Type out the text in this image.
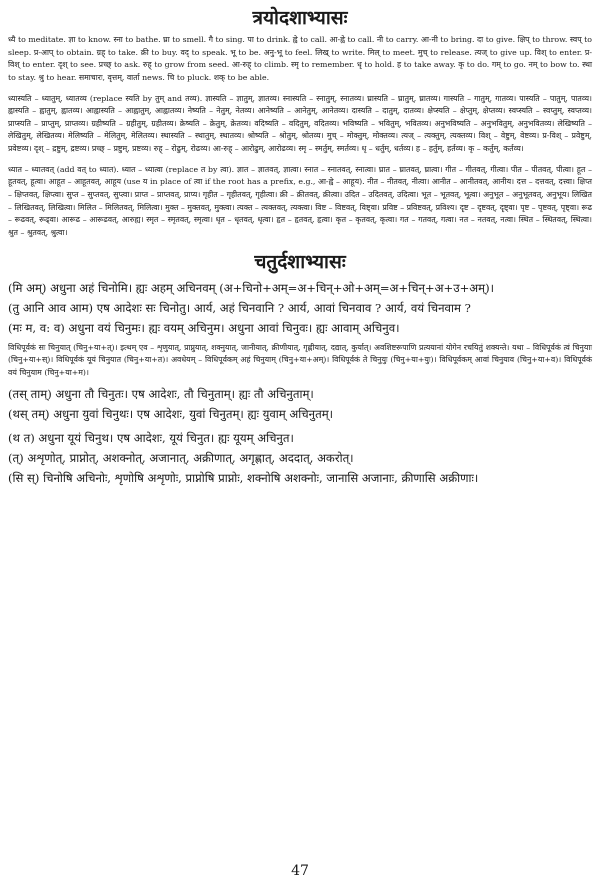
त्रयोदशाभ्यासः

ध्यै to meditate. ज्ञा to know. स्ना to bathe. घ्रा to smell. गै to sing. पा to drink. ह्वे to call. आ-ह्वे to call. नी to carry. आ-नी to bring. दा to give. क्षिप् to throw. स्वप् to sleep. प्र-आप् to obtain. ग्रह् to take. क्री to buy. वद् to speak. भू to be. अनु-भू to feel. लिख् to write. मिल् to meet. मुच् to release. त्यज् to give up. विश् to enter. प्र-विश् to enter. दृश् to see. प्रच्छ् to ask. रुह् to grow from seed. आ-रुह् to climb. स्मृ to remember. धृ to hold. ह to take away. कृ to do. गम् to go. नम् to bow to. स्था to stay. श्रु to hear. समाचारः, वृत्तम्, वार्ता news. चि to pluck. शक् to be able.

ध्यास्यति – ध्यातुम्, ध्यातव्य (replace स्यति by तुम् and तव्य). ज्ञास्यति – ज्ञातुम्, ज्ञातव्य। स्नास्यति – स्नातुम्, स्नातव्य। घ्रास्यति – घ्रातुम्, घ्रातव्य। गास्यति – गातुम्, गातव्य। पास्यति – पातुम्, पातव्य। ह्वास्यति – ह्वातुम्, ह्वातव्य। आह्वास्यति – आह्वातुम्, आह्वातव्य। नेष्यति – नेतुम्, नेतव्य। आनेष्यति – आनेतुम्, आनेतव्य। दास्यति – दातुम्, दातव्य। क्षेप्स्यति – क्षेप्तुम्, क्षेप्तव्य। स्वप्स्यति – स्वप्तुम्, स्वप्तव्य। प्राप्स्यति – प्राप्तुम्, प्राप्तव्य। ग्रहीष्यति – ग्रहीतुम्, ग्रहीतव्य। क्रेष्यति – क्रेतुम्, क्रेतव्य। वदिष्यति – वदितुम्, वदितव्य। भविष्यति – भवितुम्, भवितव्य। अनुभविष्यति – अनुभवितुम्, अनुभवितव्य। लेखिष्यति – लेखितुम्, लेखितव्य। मेलिष्यति – मेलितुम्, मेलितव्य। स्थास्यति – स्थातुम्, स्थातव्य। श्रोष्यति – श्रोतुम्, श्रोतव्य। मुच् – मोक्तुम्, मोक्तव्य। त्यज् – त्यक्तुम्, त्यक्तव्य। विश् – वेष्टुम्, वेष्टव्य। प्र-विश् – प्रवेष्टुम्, प्रवेष्टव्य। दृश् – द्रष्टुम्, द्रष्टव्य। प्रच्छ् – प्रष्टुम्, प्रष्टव्य। रुह् – रोढुम्, रोढव्य। आ-रुह् – आरोढुम्, आरोढव्य। स्मृ – स्मर्तुम्, स्मर्तव्य। धृ – धर्तुम्, धर्तव्य। ह – हर्तुम्, हर्तव्य। कृ – कर्तुम्, कर्तव्य।

ध्यात – ध्यातवत् (add वत् to ध्यात). ध्यात – ध्यात्वा (replace त by त्वा). ज्ञात – ज्ञातवत्, ज्ञात्वा। स्नात – स्नातवत्, स्नात्वा। घ्रात – घ्रातवत्, घ्रात्वा। गीत – गीतवत्, गीत्वा। पीत – पीतवत्, पीत्वा। हूत – हूतवत्, हूत्वा। आहूत – आहूतवत्, आहूय (use य in place of त्वा if the root has a prefix, e.g., आ-ह्वे – आहूय). नीत – नीतवत्, नीत्वा। आनीत – आनीतवत्, आनीय। दत्त – दत्तवत्, दत्त्वा। क्षिप्त – क्षिप्तवत्, क्षिप्त्वा। सुप्त – सुप्तवत्, सुप्त्वा। प्राप्त – प्राप्तवत्, प्राप्य। गृहीत – गृहीतवत्, गृहीत्वा। क्री – क्रीतवत्, क्रीत्वा। उदित – उदितवत्, उदित्वा। भूत – भूतवत्, भूत्वा। अनुभूत – अनुभूतवत्, अनुभूय। लिखित – लिखितवत्, लिखित्वा। मिलित – मिलितवत्, मिलित्वा। मुक्त – मुक्तवत्, मुक्त्वा। त्यक्त – त्यक्तवत्, त्यक्त्वा। विष्ट – विष्टवत्, विष्ट्वा। प्रविष्ट – प्रविष्टवत्, प्रविश्य। दृष्ट – दृष्टवत्, दृष्ट्वा। पृष्ट – पृष्टवत्, पृष्ट्वा। रूढ – रूढवत्, रूढ्वा। आरूढ – आरूढवत्, आरुह्य। स्मृत – स्मृतवत्, स्मृत्वा। धृत – धृतवत्, धृत्वा। हृत – हृतवत्, हृत्वा। कृत – कृतवत्, कृत्वा। गत – गतवत्, गत्वा। नत – नतवत्, नत्वा। स्थित – स्थितवत्, स्थित्वा। श्रुत – श्रुतवत्, श्रुत्वा।

चतुर्दशाभ्यासः

(मि अम्) अधुना अहं चिनोमि। ह्यः अहम् अचिनवम् (अ+चिनो+अम्=अ+चिन्+ओ+अम्=अ+चिन्+अ+उ+अम्)।

(तु आनि आव आम) एष आदेशः सः चिनोतु। आर्य, अहं चिनवानि ? आर्य, आवां चिनवाव ? आर्य, वयं चिनवाम ?

(मः म, व: व) अधुना वयं चिनुमः। ह्यः वयम् अचिनुम। अधुना आवां चिनुवः। ह्यः आवाम् अचिनुव।

विधिपूर्वकं सः चिनुयात् (चिनु+या+त्)। इत्थम् एव – शृणुयात्, प्राप्नुयात्, शक्नुयात्, जानीयात्, क्रीणीयात्, गृह्णीयात्, दद्यात्, कुर्यात्। अवशिष्टरूपाणि प्रत्ययानां योगेन रचयितुं शक्यन्ते। यथा – विधिपूर्वकं त्वं चिनुयाः (चिनु+या+स्)। विधिपूर्वकं यूयं चिनुयात (चिनु+या+त)। अवधेयम् – विधिपूर्वकम् अहं चिनुयाम् (चिनु+या+अम्)। विधिपूर्वकं ते चिनुयुः (चिनु+या+युः)। विधिपूर्वकम् आवां चिनुयाव (चिनु+या+व)। विधिपूर्वकं वयं चिनुयाम (चिनु+या+म)।

(तस् ताम्) अधुना तौ चिनुतः। एष आदेशः, तौ चिनुताम्। ह्यः तौ अचिनुताम्।

(थस् तम्) अधुना युवां चिनुथः। एष आदेशः, युवां चिनुतम्। ह्यः युवाम् अचिनुतम्।

(थ त) अधुना यूयं चिनुथ। एष आदेशः, यूयं चिनुत। ह्यः यूयम् अचिनुत।

(त्) अशृणोत्, प्राप्नोत्, अशक्नोत्, अजानात्, अक्रीणात्, अगृह्णात्, अददात्, अकरोत्।

(सि स्) चिनोषि अचिनोः, शृणोषि अशृणोः, प्राप्नोषि प्राप्नोः, शक्नोषि अशक्नोः, जानासि अजानाः, क्रीणासि अक्रीणाः।

47
